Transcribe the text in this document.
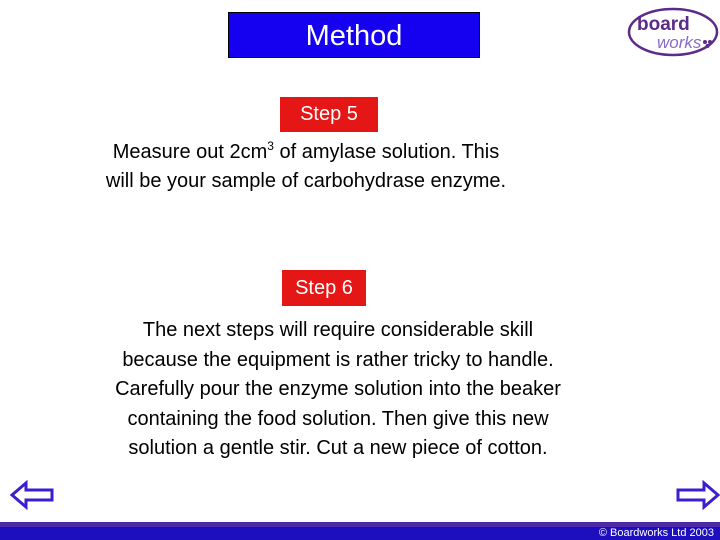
Method	board
works
Step 5

Measure out $2cm^3$ of amylase solution. This
will be your sample of carbohydrase enzyme.

Step 6

The next steps will require considerable skill
because the equipment is rather tricky to handle.
Carefully pour the enzyme solution into the beaker
containing the food solution. Then give this new
solution a gentle stir. Cut a new piece of cotton.

© Boardworks Ltd 2003
